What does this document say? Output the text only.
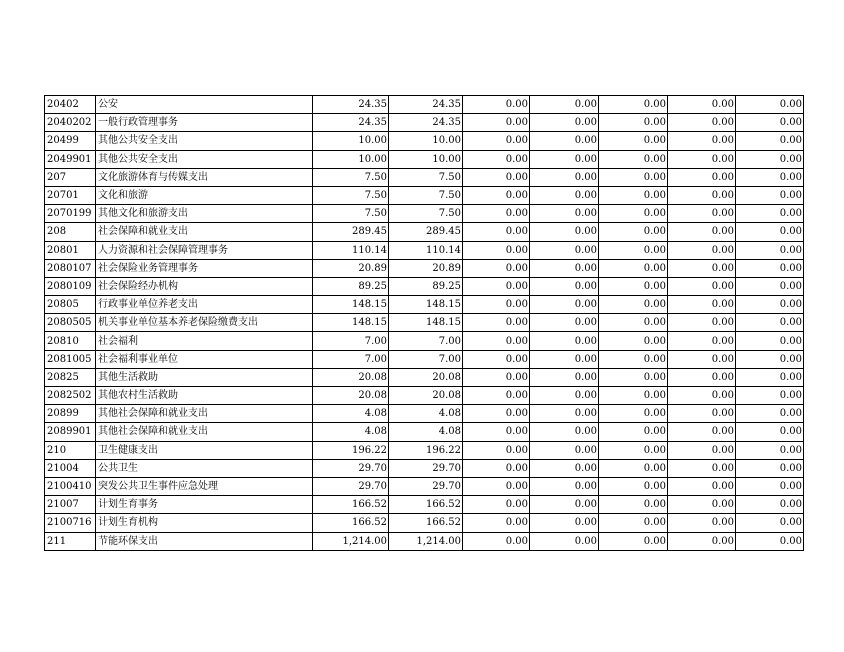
20402	公安	24.35	24.35	0.00	0.00	0.00	0.00	0.00
2040202	一般行政管理事务	24.35	24.35	0.00	0.00	0.00	0.00	0.00
20499	其他公共安全支出	10.00	10.00	0.00	0.00	0.00	0.00	0.00
2049901	其他公共安全支出	10.00	10.00	0.00	0.00	0.00	0.00	0.00
207	文化旅游体育与传媒支出	7.50	7.50	0.00	0.00	0.00	0.00	0.00
20701	文化和旅游	7.50	7.50	0.00	0.00	0.00	0.00	0.00
2070199	其他文化和旅游支出	7.50	7.50	0.00	0.00	0.00	0.00	0.00
208	社会保障和就业支出	289.45	289.45	0.00	0.00	0.00	0.00	0.00
20801	人力资源和社会保障管理事务	110.14	110.14	0.00	0.00	0.00	0.00	0.00
2080107	社会保险业务管理事务	20.89	20.89	0.00	0.00	0.00	0.00	0.00
2080109	社会保险经办机构	89.25	89.25	0.00	0.00	0.00	0.00	0.00
20805	行政事业单位养老支出	148.15	148.15	0.00	0.00	0.00	0.00	0.00
2080505	机关事业单位基本养老保险缴费支出	148.15	148.15	0.00	0.00	0.00	0.00	0.00
20810	社会福利	7.00	7.00	0.00	0.00	0.00	0.00	0.00
2081005	社会福利事业单位	7.00	7.00	0.00	0.00	0.00	0.00	0.00
20825	其他生活救助	20.08	20.08	0.00	0.00	0.00	0.00	0.00
2082502	其他农村生活救助	20.08	20.08	0.00	0.00	0.00	0.00	0.00
20899	其他社会保障和就业支出	4.08	4.08	0.00	0.00	0.00	0.00	0.00
2089901	其他社会保障和就业支出	4.08	4.08	0.00	0.00	0.00	0.00	0.00
210	卫生健康支出	196.22	196.22	0.00	0.00	0.00	0.00	0.00
21004	公共卫生	29.70	29.70	0.00	0.00	0.00	0.00	0.00
2100410	突发公共卫生事件应急处理	29.70	29.70	0.00	0.00	0.00	0.00	0.00
21007	计划生育事务	166.52	166.52	0.00	0.00	0.00	0.00	0.00
2100716	计划生育机构	166.52	166.52	0.00	0.00	0.00	0.00	0.00
211	节能环保支出	1,214.00	1,214.00	0.00	0.00	0.00	0.00	0.00
